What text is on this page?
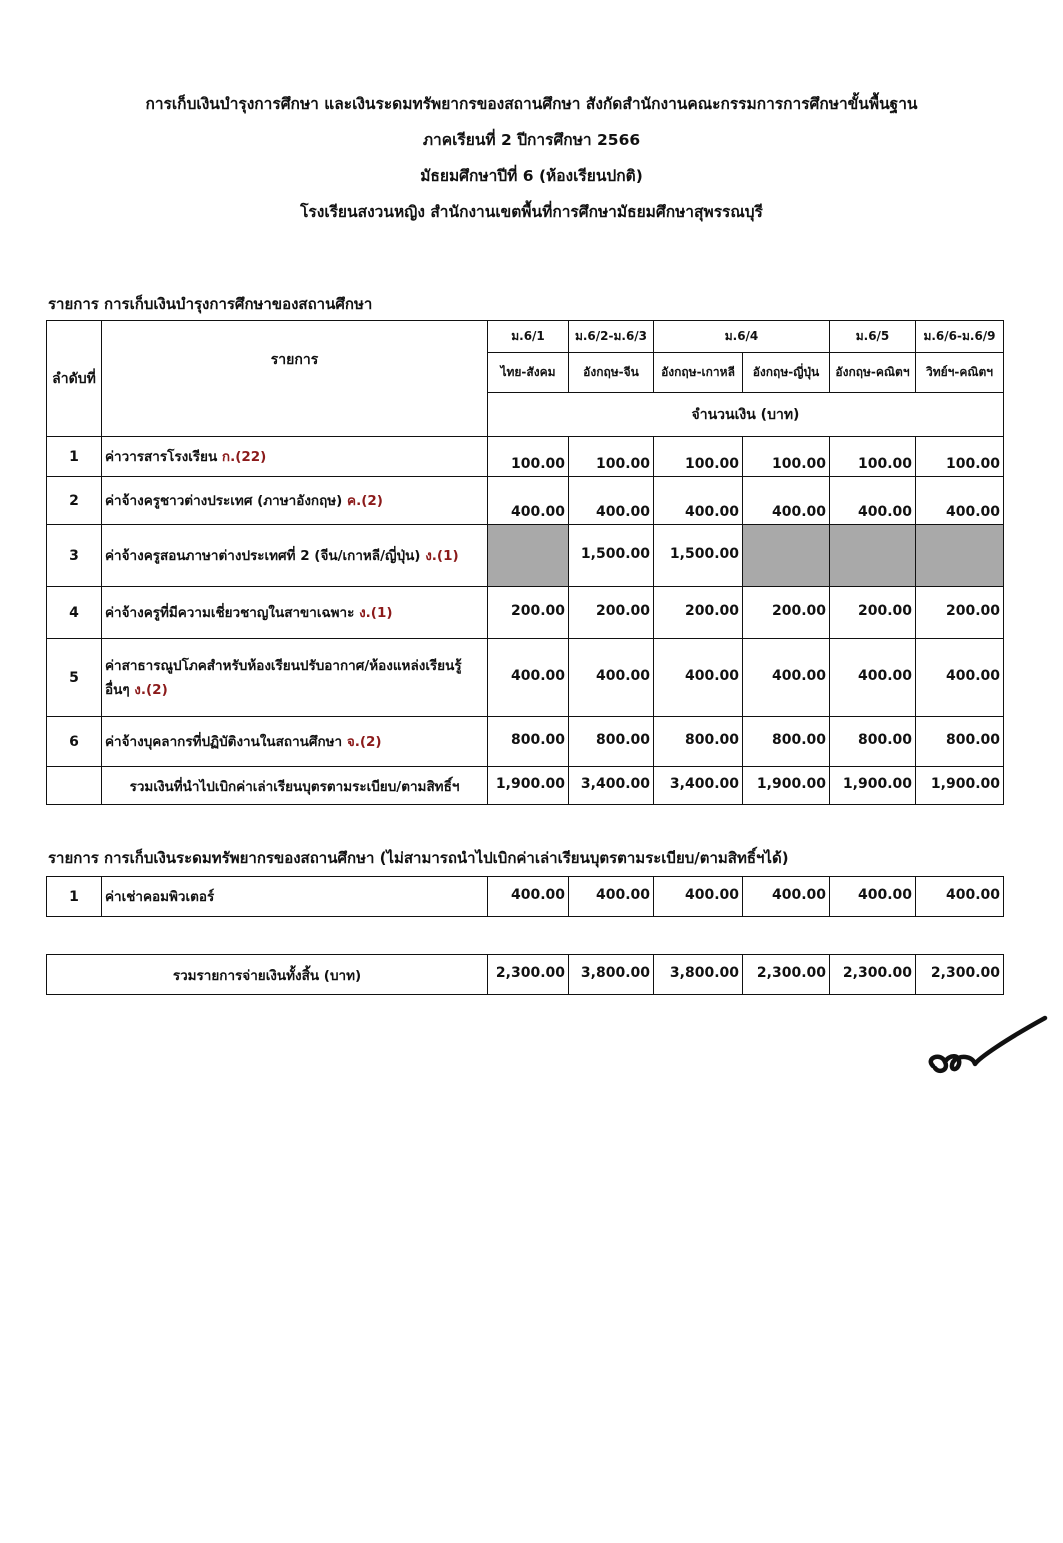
การเก็บเงินบำรุงการศึกษา และเงินระดมทรัพยากรของสถานศึกษา สังกัดสำนักงานคณะกรรมการการศึกษาขั้นพื้นฐาน
ภาคเรียนที่ 2 ปีการศึกษา 2566
มัธยมศึกษาปีที่ 6 (ห้องเรียนปกติ)
โรงเรียนสงวนหญิง สำนักงานเขตพื้นที่การศึกษามัธยมศึกษาสุพรรณบุรี
รายการ การเก็บเงินบำรุงการศึกษาของสถานศึกษา
ลำดับที่	รายการ	ม.6/1	ม.6/2-ม.6/3	ม.6/4		ม.6/5	ม.6/6-ม.6/9
		ไทย-สังคม	อังกฤษ-จีน	อังกฤษ-เกาหลี	อังกฤษ-ญี่ปุ่น	อังกฤษ-คณิตฯ	วิทย์ฯ-คณิตฯ
		จำนวนเงิน (บาท)					
1	ค่าวารสารโรงเรียน ก.(22)	100.00	100.00	100.00	100.00	100.00	100.00
2	ค่าจ้างครูชาวต่างประเทศ (ภาษาอังกฤษ) ค.(2)	400.00	400.00	400.00	400.00	400.00	400.00
3	ค่าจ้างครูสอนภาษาต่างประเทศที่ 2 (จีน/เกาหลี/ญี่ปุ่น) ง.(1)		1,500.00	1,500.00			
4	ค่าจ้างครูที่มีความเชี่ยวชาญในสาขาเฉพาะ ง.(1)	200.00	200.00	200.00	200.00	200.00	200.00
5	ค่าสาธารณูปโภคสำหรับห้องเรียนปรับอากาศ/ห้องแหล่งเรียนรู้อื่นๆ ง.(2)	400.00	400.00	400.00	400.00	400.00	400.00
6	ค่าจ้างบุคลากรที่ปฏิบัติงานในสถานศึกษา จ.(2)	800.00	800.00	800.00	800.00	800.00	800.00
	รวมเงินที่นำไปเบิกค่าเล่าเรียนบุตรตามระเบียบ/ตามสิทธิ์ฯ	1,900.00	3,400.00	3,400.00	1,900.00	1,900.00	1,900.00
รายการ การเก็บเงินระดมทรัพยากรของสถานศึกษา (ไม่สามารถนำไปเบิกค่าเล่าเรียนบุตรตามระเบียบ/ตามสิทธิ์ฯได้)
1	ค่าเช่าคอมพิวเตอร์	400.00	400.00	400.00	400.00	400.00	400.00
รวมรายการจ่ายเงินทั้งสิ้น (บาท)	2,300.00	3,800.00	3,800.00	2,300.00	2,300.00	2,300.00
